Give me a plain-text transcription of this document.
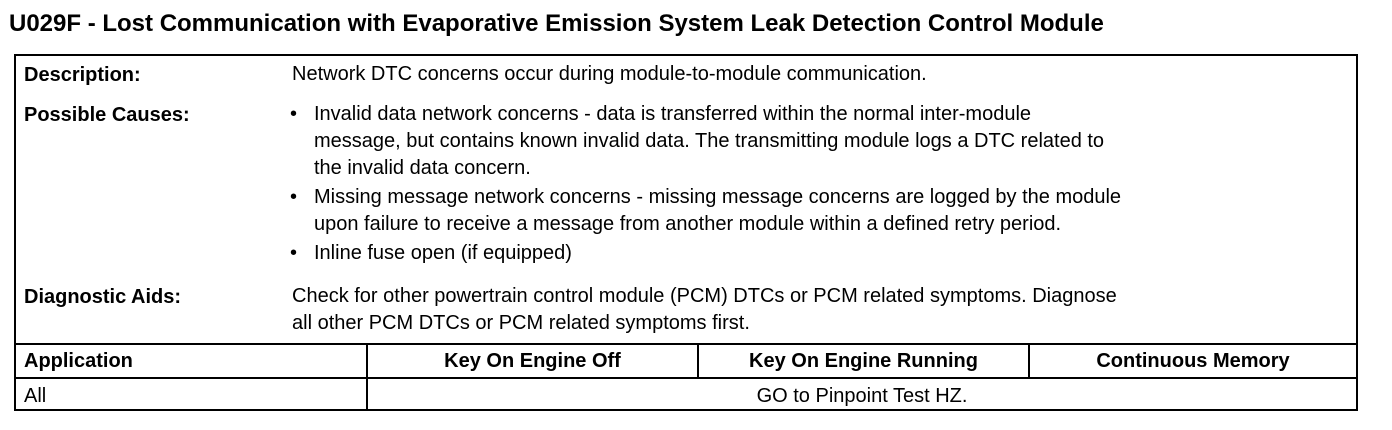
U029F - Lost Communication with Evaporative Emission System Leak Detection Control Module
Description:	Network DTC concerns occur during module-to-module communication.
Possible Causes:	• Invalid data network concerns - data is transferred within the normal inter-module
message, but contains known invalid data. The transmitting module logs a DTC related to
the invalid data concern.
• Missing message network concerns - missing message concerns are logged by the module
upon failure to receive a message from another module within a defined retry period.
• Inline fuse open (if equipped)
Diagnostic Aids:	Check for other powertrain control module (PCM) DTCs or PCM related symptoms. Diagnose
all other PCM DTCs or PCM related symptoms first.
Application	Key On Engine Off	Key On Engine Running	Continuous Memory
All	GO to Pinpoint Test HZ.
